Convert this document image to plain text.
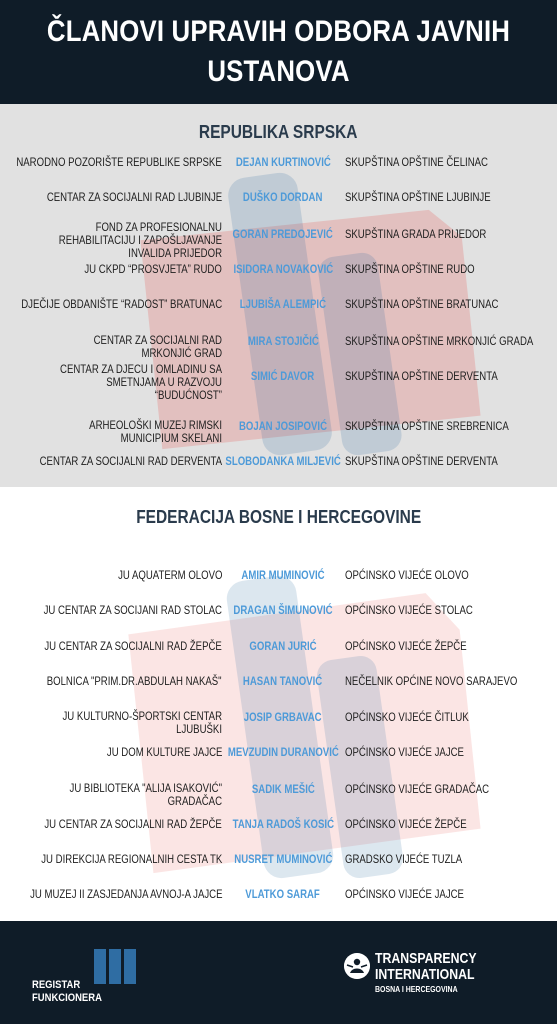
ČLANOVI UPRAVIH ODBORA JAVNIH USTANOVA
REPUBLIKA SRPSKA
NARODNO POZORIŠTE REPUBLIKE SRPSKE DEJAN KURTINOVIĆ SKUPŠTINA OPŠTINE ČELINAC
CENTAR ZA SOCIJALNI RAD LJUBINJE DUŠKO DORDAN SKUPŠTINA OPŠTINE LJUBINJE
FOND ZA PROFESIONALNU REHABILITACIJU I ZAPOŠLJAVANJE INVALIDA PRIJEDOR
GORAN PREDOJEVIĆ SKUPŠTINA GRADA PRIJEDOR
JU CKPD “PROSVJETA” RUDO ISIDORA NOVAKOVIĆ SKUPŠTINA OPŠTINE RUDO
DJEČIJE OBDANIŠTE “RADOST” BRATUNAC LJUBIŠA ALEMPIĆ SKUPŠTINA OPŠTINE BRATUNAC
CENTAR ZA SOCIJALNI RAD MRKONJIĆ GRAD
MIRA STOJIČIĆ SKUPŠTINA OPŠTINE MRKONJIĆ GRADA
CENTAR ZA DJECU I OMLADINU SA SMETNJAMA U RAZVOJU “BUDUĆNOST”
SIMIĆ DAVOR	SKUPŠTINA OPŠTINE DERVENTA
ARHEOLOŠKI MUZEJ RIMSKI MUNICIPIUM SKELANI
BOJAN JOSIPOVIĆ SKUPŠTINA OPŠTINE SREBRENICA
CENTAR ZA SOCIJALNI RAD DERVENTA SLOBODANKA MILJEVIĆ SKUPŠTINA OPŠTINE DERVENTA
FEDERACIJA BOSNE I HERCEGOVINE
JU AQUATERM OLOVO AMIR MUMINOVIĆ OPĆINSKO VIJEĆE OLOVO
JU CENTAR ZA SOCIJANI RAD STOLAC DRAGAN ŠIMUNOVIĆ OPĆINSKO VIJEĆE STOLAC
JU CENTAR ZA SOCIJALNI RAD ŽEPČE GORAN JURIĆ OPĆINSKO VIJEĆE ŽEPČE
BOLNICA "PRIM.DR.ABDULAH NAKAŠ" HASAN TANOVIĆ NEČELNIK OPĆINE NOVO SARAJEVO
JU KULTURNO-ŠPORTSKI CENTAR LJUBUŠKI
JOSIP GRBAVAC OPĆINSKO VIJEĆE ČITLUK
JU DOM KULTURE JAJCE MEVZUDIN DURANOVIĆ OPĆINSKO VIJEĆE JAJCE
JU BIBLIOTEKA "ALIJA ISAKOVIĆ" GRADAČAC
SADIK MEŠIĆ	OPĆINSKO VIJEĆE GRADAČAC
JU CENTAR ZA SOCIJALNI RAD ŽEPČE TANJA RADOŠ KOSIĆ OPĆINSKO VIJEĆE ŽEPČE
JU DIREKCIJA REGIONALNIH CESTA TK NUSRET MUMINOVIĆ GRADSKO VIJEĆE TUZLA
JU MUZEJ II ZASJEDANJA AVNOJ-A JAJCE VLATKO SARAF OPĆINSKO VIJEĆE JAJCE
REGISTAR
FUNKCIONERA
TRANSPARENCY
INTERNATIONAL
BOSNA I HERCEGOVINA
